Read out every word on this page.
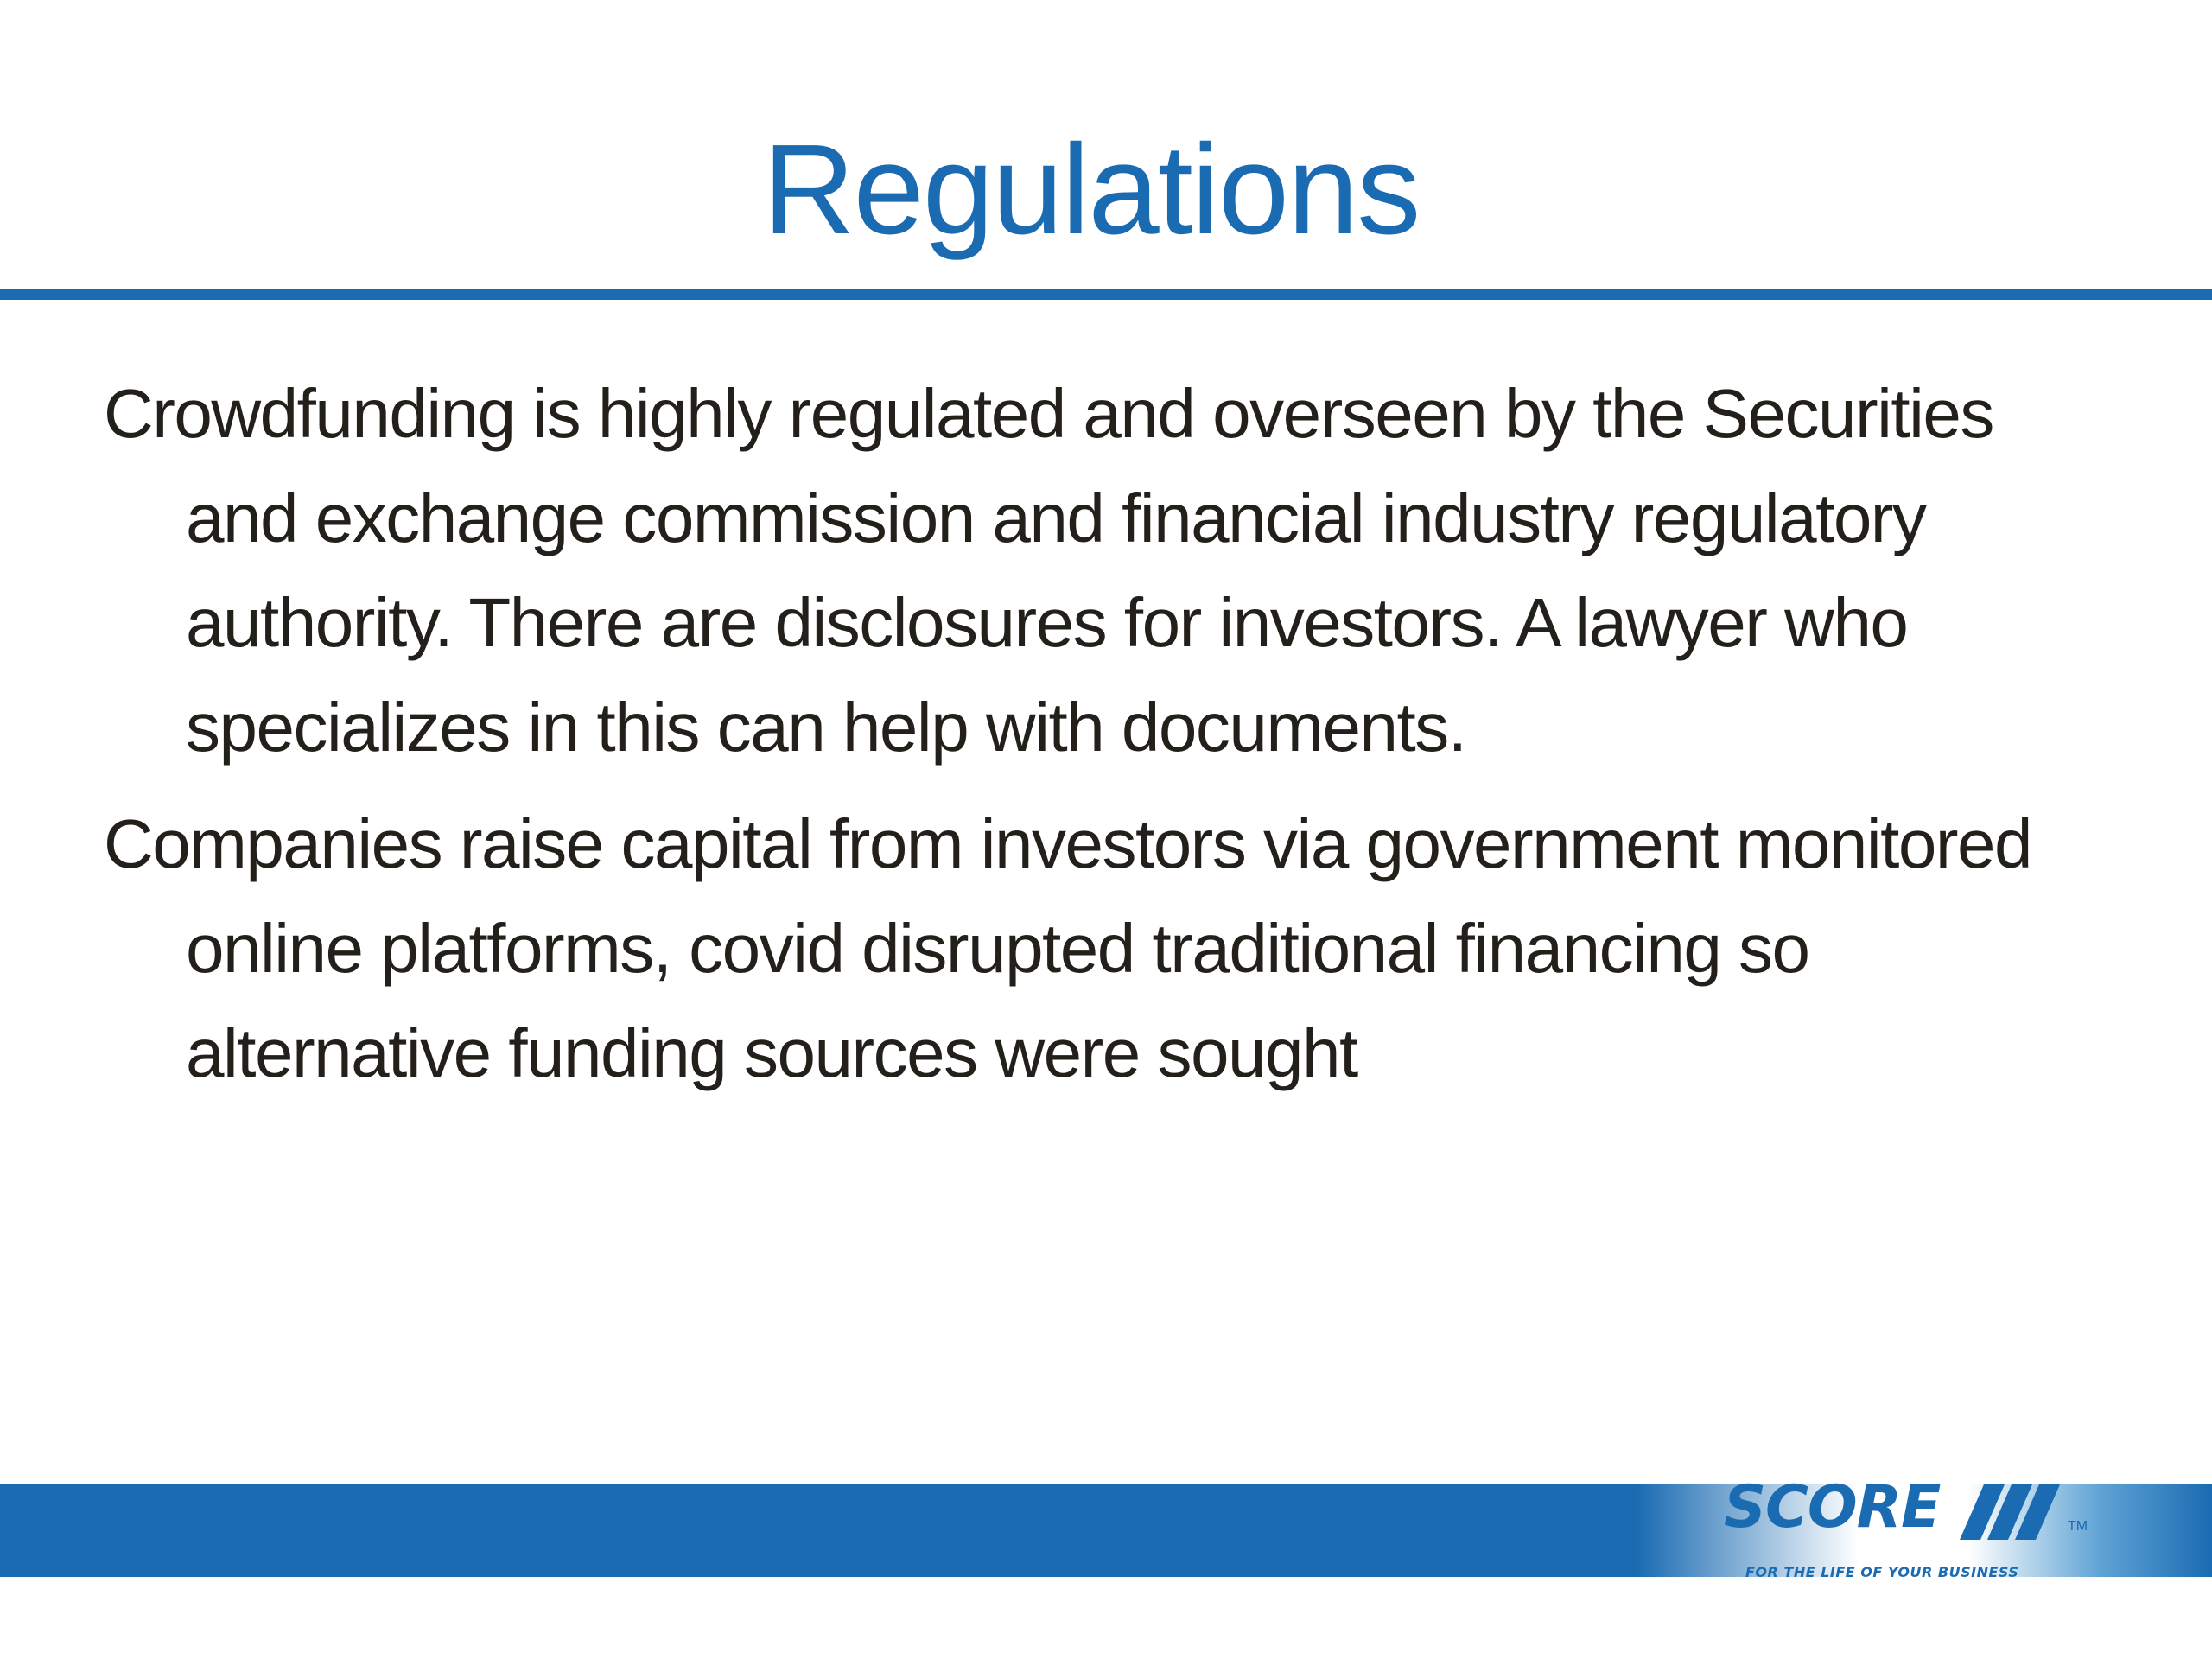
Regulations
Crowdfunding is highly regulated and overseen by the Securities and exchange commission and financial industry regulatory authority. There are disclosures for investors. A lawyer who specializes in this can help with documents.
Companies raise capital from investors via government monitored online platforms, covid disrupted traditional financing so alternative funding sources were sought
SCORE	TM
FOR THE LIFE OF YOUR BUSINESS
